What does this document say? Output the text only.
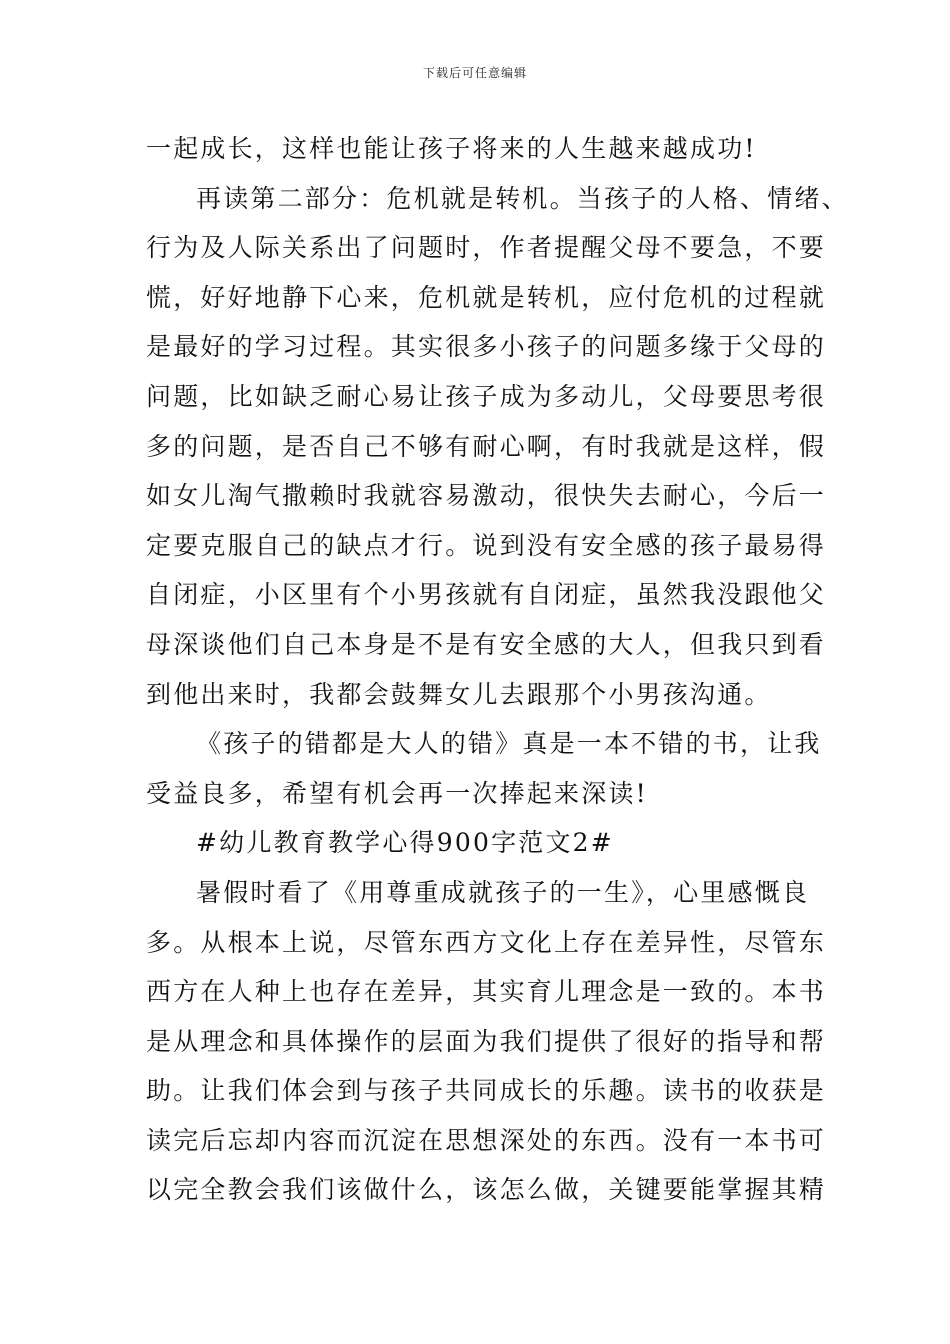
下载后可任意编辑
一起成长，这样也能让孩子将来的人生越来越成功!
再读第二部分：危机就是转机。当孩子的人格、情绪、
行为及人际关系出了问题时，作者提醒父母不要急，不要
慌，好好地静下心来，危机就是转机，应付危机的过程就
是最好的学习过程。其实很多小孩子的问题多缘于父母的
问题，比如缺乏耐心易让孩子成为多动儿，父母要思考很
多的问题，是否自己不够有耐心啊，有时我就是这样，假
如女儿淘气撒赖时我就容易激动，很快失去耐心，今后一
定要克服自己的缺点才行。说到没有安全感的孩子最易得
自闭症，小区里有个小男孩就有自闭症，虽然我没跟他父
母深谈他们自己本身是不是有安全感的大人，但我只到看
到他出来时，我都会鼓舞女儿去跟那个小男孩沟通。
《孩子的错都是大人的错》真是一本不错的书，让我
受益良多，希望有机会再一次捧起来深读!
#幼儿教育教学心得900字范文2#
暑假时看了《用尊重成就孩子的一生》，心里感慨良
多。从根本上说，尽管东西方文化上存在差异性，尽管东
西方在人种上也存在差异，其实育儿理念是一致的。本书
是从理念和具体操作的层面为我们提供了很好的指导和帮
助。让我们体会到与孩子共同成长的乐趣。读书的收获是
读完后忘却内容而沉淀在思想深处的东西。没有一本书可
以完全教会我们该做什么，该怎么做，关键要能掌握其精
